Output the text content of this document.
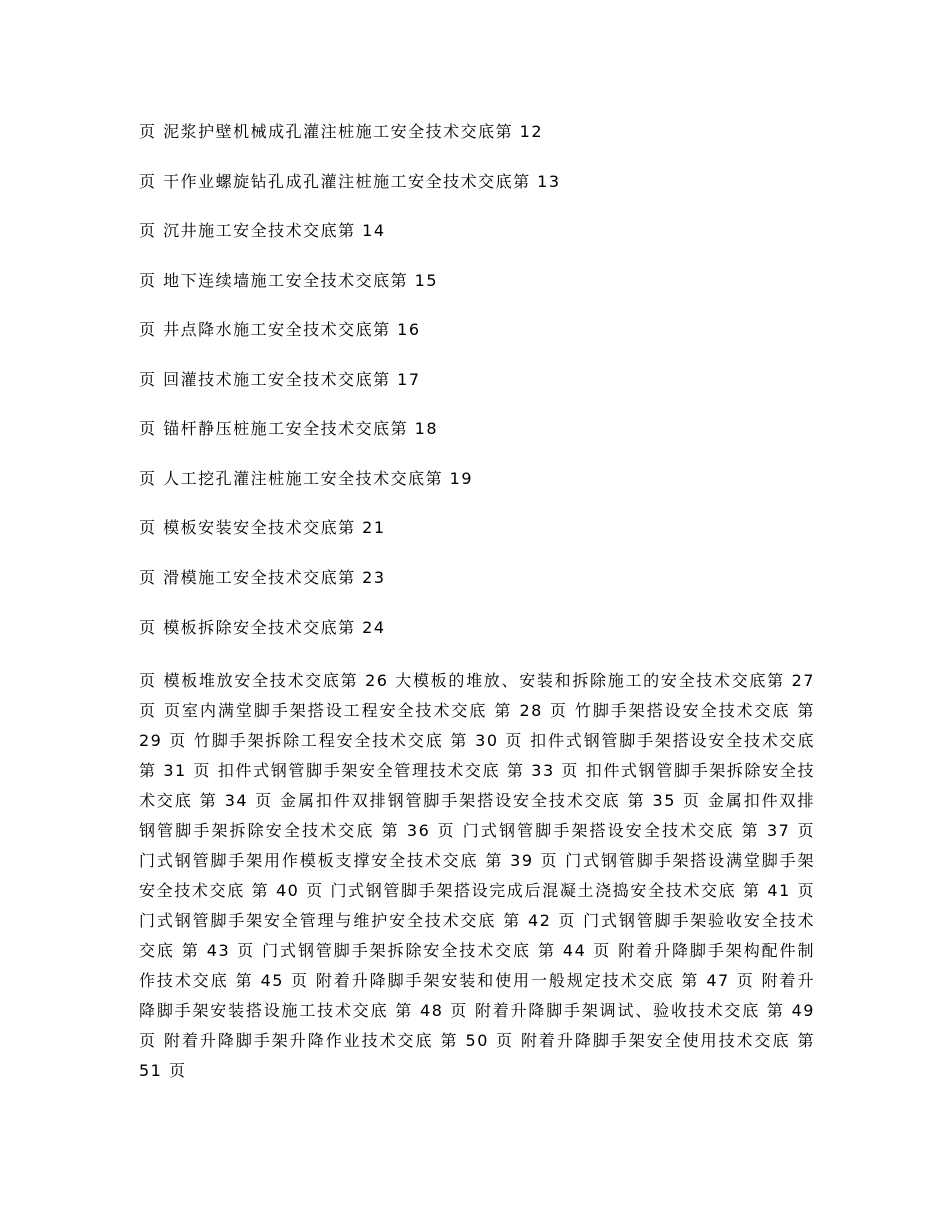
页 泥浆护壁机械成孔灌注桩施工安全技术交底第 12
页 干作业螺旋钻孔成孔灌注桩施工安全技术交底第 13
页 沉井施工安全技术交底第 14
页 地下连续墙施工安全技术交底第 15
页 井点降水施工安全技术交底第 16
页 回灌技术施工安全技术交底第 17
页 锚杆静压桩施工安全技术交底第 18
页 人工挖孔灌注桩施工安全技术交底第 19
页 模板安装安全技术交底第 21
页 滑模施工安全技术交底第 23
页 模板拆除安全技术交底第 24
页 模板堆放安全技术交底第 26 大模板的堆放、安装和拆除施工的安全技术交底第 27 页 页室内满堂脚手架搭设工程安全技术交底 第 28 页 竹脚手架搭设安全技术交底 第 29 页 竹脚手架拆除工程安全技术交底 第 30 页 扣件式钢管脚手架搭设安全技术交底 第 31 页 扣件式钢管脚手架安全管理技术交底 第 33 页 扣件式钢管脚手架拆除安全技术交底 第 34 页 金属扣件双排钢管脚手架搭设安全技术交底 第 35 页 金属扣件双排钢管脚手架拆除安全技术交底 第 36 页 门式钢管脚手架搭设安全技术交底 第 37 页 门式钢管脚手架用作模板支撑安全技术交底 第 39 页 门式钢管脚手架搭设满堂脚手架安全技术交底 第 40 页 门式钢管脚手架搭设完成后混凝土浇捣安全技术交底 第 41 页 门式钢管脚手架安全管理与维护安全技术交底 第 42 页 门式钢管脚手架验收安全技术交底 第 43 页 门式钢管脚手架拆除安全技术交底 第 44 页 附着升降脚手架构配件制作技术交底 第 45 页 附着升降脚手架安装和使用一般规定技术交底 第 47 页 附着升降脚手架安装搭设施工技术交底 第 48 页 附着升降脚手架调试、验收技术交底 第 49 页 附着升降脚手架升降作业技术交底 第 50 页 附着升降脚手架安全使用技术交底 第 51 页
